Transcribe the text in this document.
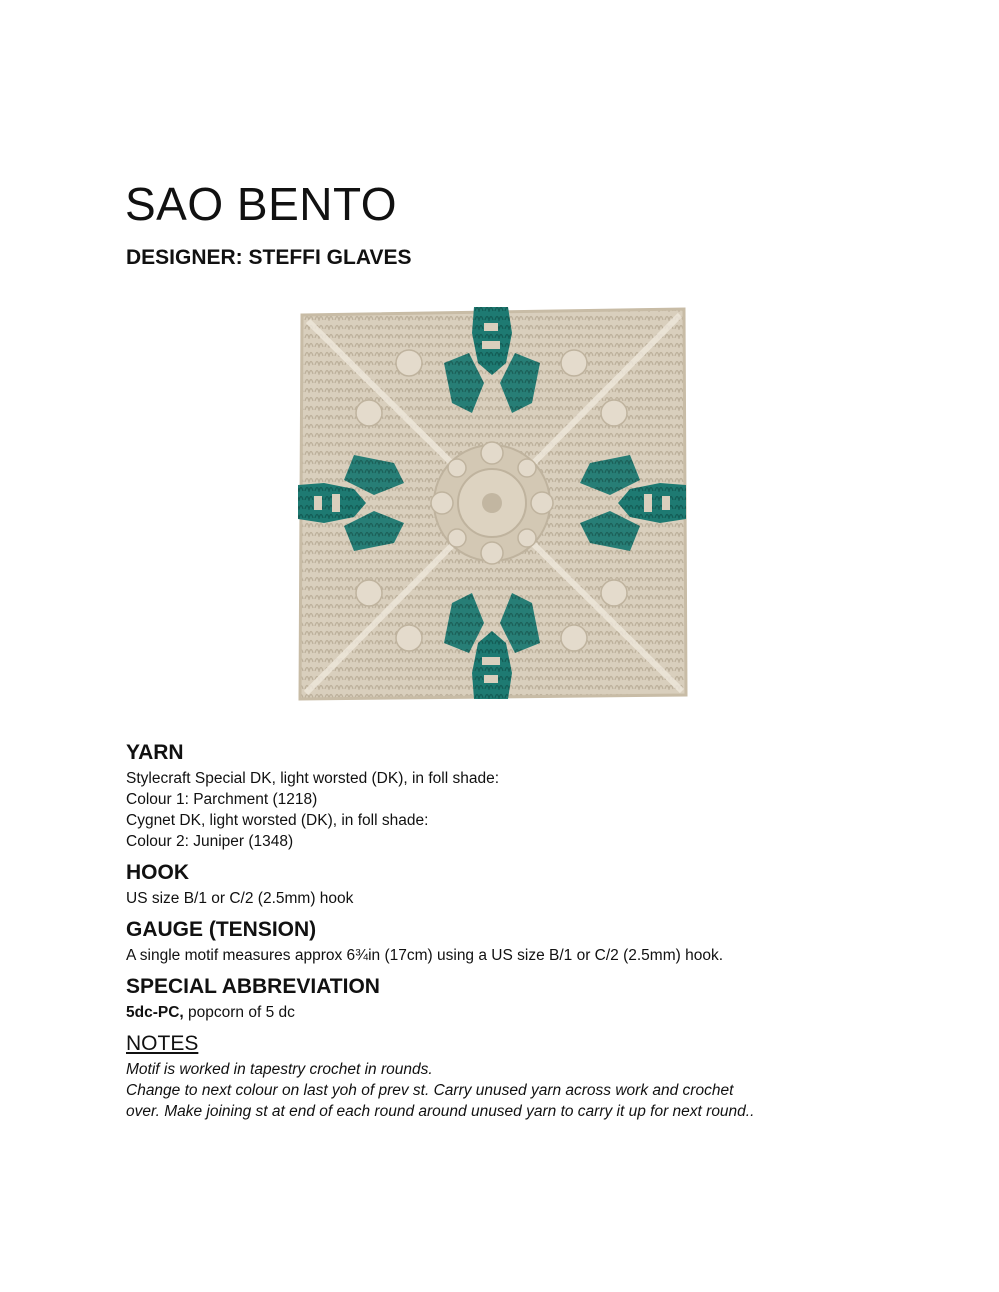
SAO BENTO
DESIGNER: STEFFI GLAVES
YARN

Stylecraft Special DK, light worsted (DK), in foll shade:

Colour 1: Parchment (1218)

Cygnet DK, light worsted (DK), in foll shade:

Colour 2: Juniper (1348)

HOOK

US size B/1 or C/2 (2.5mm) hook

GAUGE (TENSION)

A single motif measures approx 6¾in (17cm) using a US size B/1 or C/2 (2.5mm) hook.

SPECIAL ABBREVIATION

5dc-PC, popcorn of 5 dc

NOTES

Motif is worked in tapestry crochet in rounds.

Change to next colour on last yoh of prev st. Carry unused yarn across work and crochet

over. Make joining st at end of each round around unused yarn to carry it up for next round..
